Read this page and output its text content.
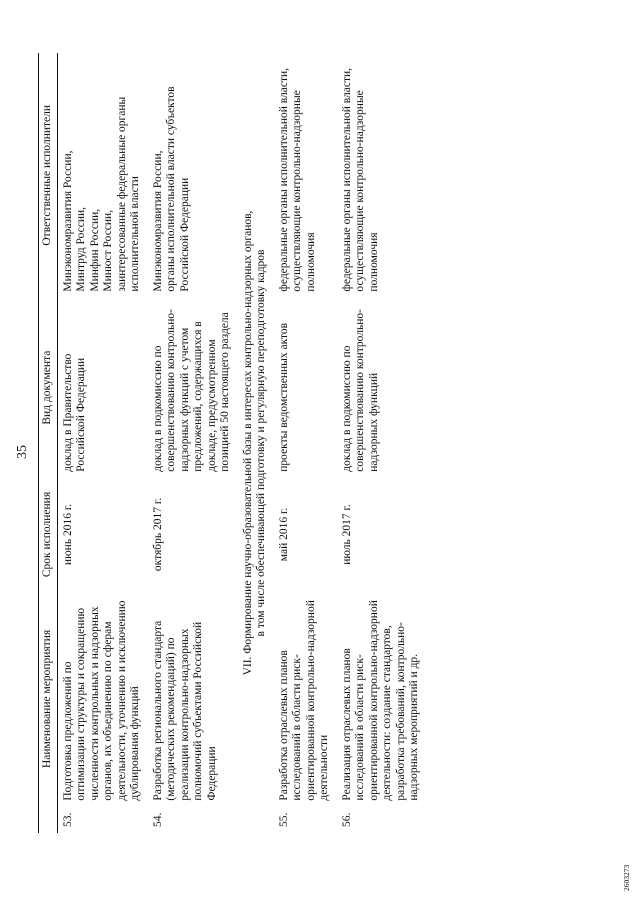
35
	Наименование мероприятия	Срок исполнения	Вид документа	Ответственные исполнители
53.	Подготовка предложений по оптимизации структуры и сокращению численности контрольных и надзорных органов, их объединению по сферам деятельности, уточнению и исключению дублирования функций	июнь 2016 г.	доклад в Правительство Российской Федерации	Минэкономразвития России, Минтруд России, Минфин России, Минюст России, заинтересованные федеральные органы исполнительной власти

54.	Разработка регионального стандарта (методических рекомендаций) по реализации контрольно-надзорных полномочий субъектами Российской Федерации	октябрь 2017 г.	доклад в подкомиссию по совершенствованию контрольно-надзорных функций с учетом предложений, содержащихся в докладе, предусмотренном позицией 50 настоящего раздела	Минэкономразвития России, органы исполнительной власти субъектов Российской Федерации

VII. Формирование научно-образовательной базы в интересах контрольно-надзорных органов, в том числе обеспечивающей подготовку и регулярную переподготовку кадров				

55.	Разработка отраслевых планов исследований в области риск-ориентированной контрольно-надзорной деятельности	май 2016 г.	проекты ведомственных актов	федеральные органы исполнительной власти, осуществляющие контрольно-надзорные полномочия

56.	Реализация отраслевых планов исследований в области риск-ориентированной контрольно-надзорной деятельности: создание стандартов, разработка требований, контрольно-надзорных мероприятий и др.	июль 2017 г.	доклад в подкомиссию по совершенствованию контрольно-надзорных функций	федеральные органы исполнительной власти, осуществляющие контрольно-надзорные полномочия
2603273
